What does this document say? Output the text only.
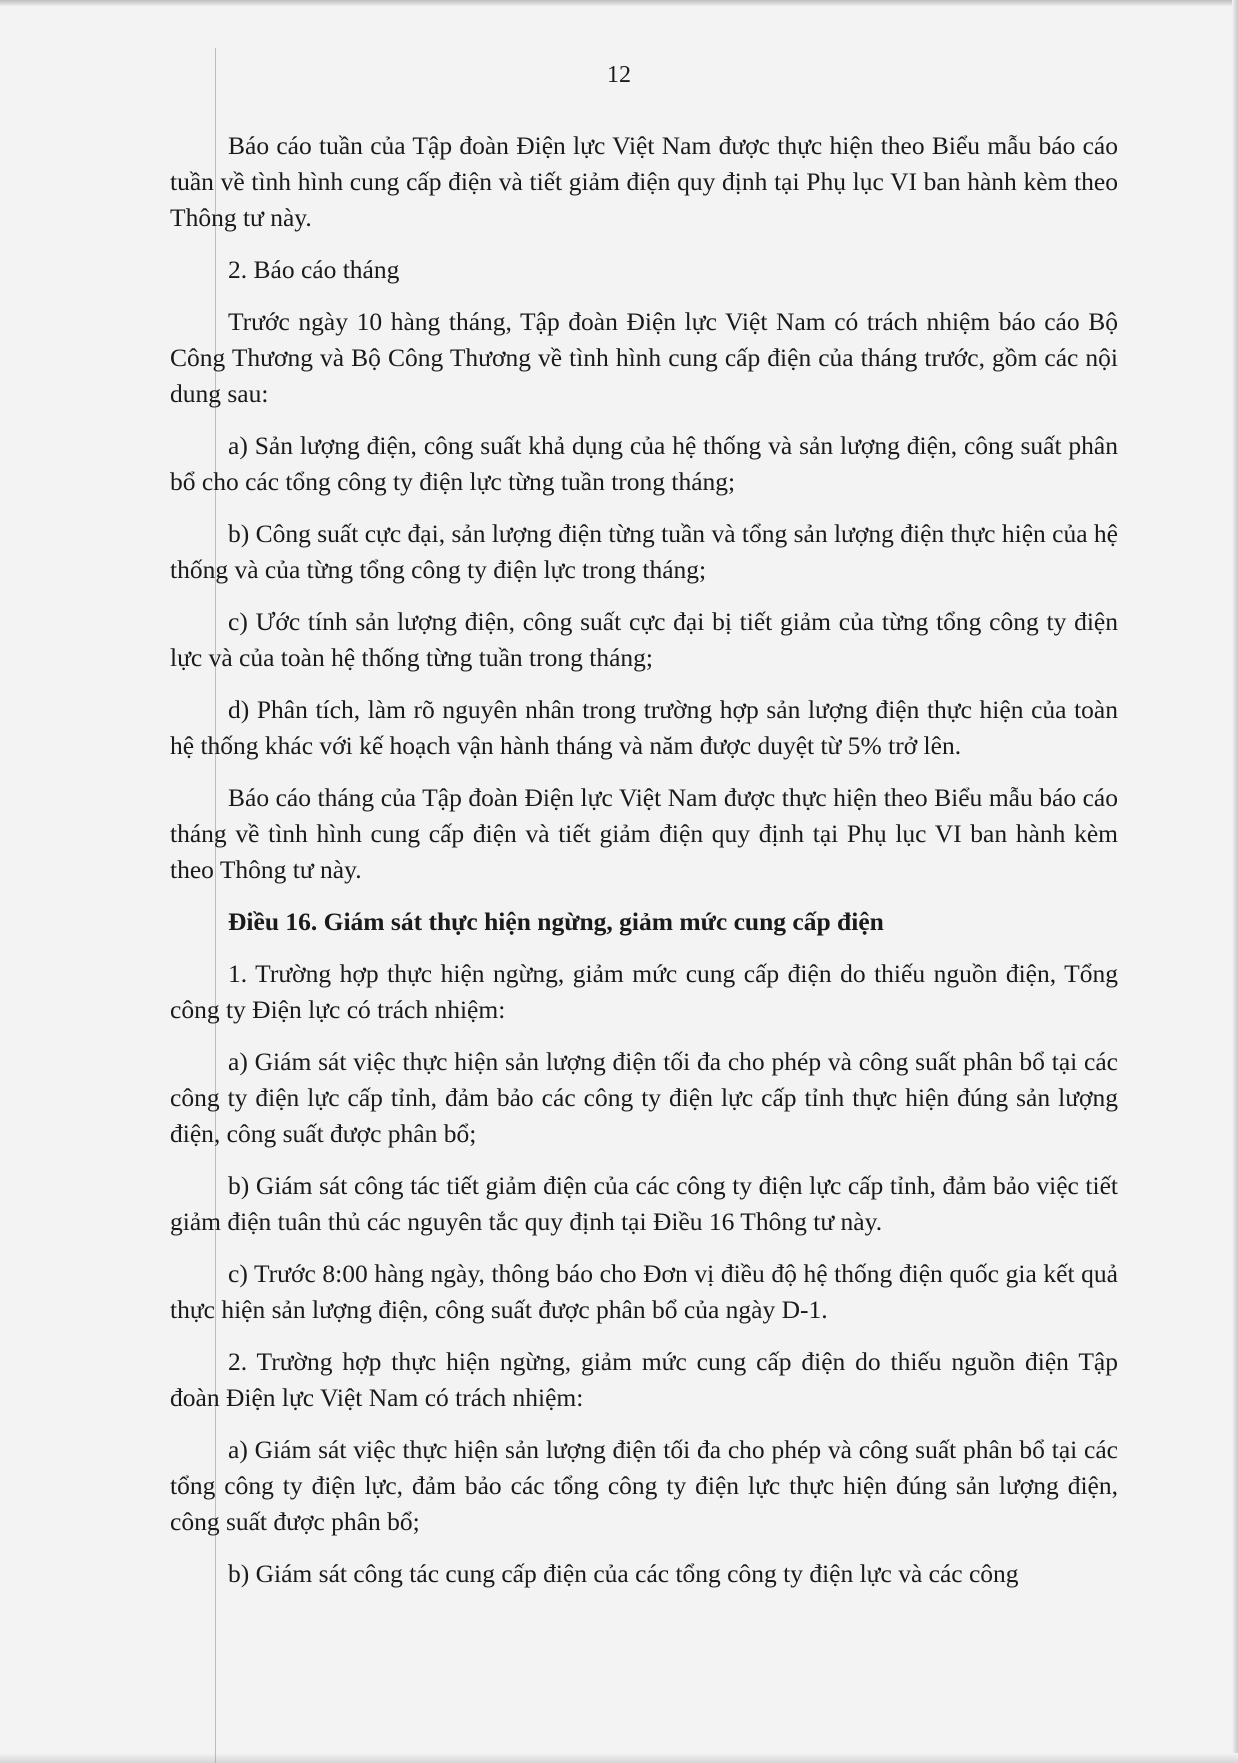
12

Báo cáo tuần của Tập đoàn Điện lực Việt Nam được thực hiện theo Biểu mẫu báo cáo tuần về tình hình cung cấp điện và tiết giảm điện quy định tại Phụ lục VI ban hành kèm theo Thông tư này.

2. Báo cáo tháng

Trước ngày 10 hàng tháng, Tập đoàn Điện lực Việt Nam có trách nhiệm báo cáo Bộ Công Thương và Bộ Công Thương về tình hình cung cấp điện của tháng trước, gồm các nội dung sau:

a) Sản lượng điện, công suất khả dụng của hệ thống và sản lượng điện, công suất phân bổ cho các tổng công ty điện lực từng tuần trong tháng;

b) Công suất cực đại, sản lượng điện từng tuần và tổng sản lượng điện thực hiện của hệ thống và của từng tổng công ty điện lực trong tháng;

c) Ước tính sản lượng điện, công suất cực đại bị tiết giảm của từng tổng công ty điện lực và của toàn hệ thống từng tuần trong tháng;

d) Phân tích, làm rõ nguyên nhân trong trường hợp sản lượng điện thực hiện của toàn hệ thống khác với kế hoạch vận hành tháng và năm được duyệt từ 5% trở lên.

Báo cáo tháng của Tập đoàn Điện lực Việt Nam được thực hiện theo Biểu mẫu báo cáo tháng về tình hình cung cấp điện và tiết giảm điện quy định tại Phụ lục VI ban hành kèm theo Thông tư này.

Điều 16. Giám sát thực hiện ngừng, giảm mức cung cấp điện

1. Trường hợp thực hiện ngừng, giảm mức cung cấp điện do thiếu nguồn điện, Tổng công ty Điện lực có trách nhiệm:

a) Giám sát việc thực hiện sản lượng điện tối đa cho phép và công suất phân bổ tại các công ty điện lực cấp tỉnh, đảm bảo các công ty điện lực cấp tỉnh thực hiện đúng sản lượng điện, công suất được phân bổ;

b) Giám sát công tác tiết giảm điện của các công ty điện lực cấp tỉnh, đảm bảo việc tiết giảm điện tuân thủ các nguyên tắc quy định tại Điều 16 Thông tư này.

c) Trước 8:00 hàng ngày, thông báo cho Đơn vị điều độ hệ thống điện quốc gia kết quả thực hiện sản lượng điện, công suất được phân bổ của ngày D-1.

2. Trường hợp thực hiện ngừng, giảm mức cung cấp điện do thiếu nguồn điện Tập đoàn Điện lực Việt Nam có trách nhiệm:

a) Giám sát việc thực hiện sản lượng điện tối đa cho phép và công suất phân bổ tại các tổng công ty điện lực, đảm bảo các tổng công ty điện lực thực hiện đúng sản lượng điện, công suất được phân bổ;

b) Giám sát công tác cung cấp điện của các tổng công ty điện lực và các công
